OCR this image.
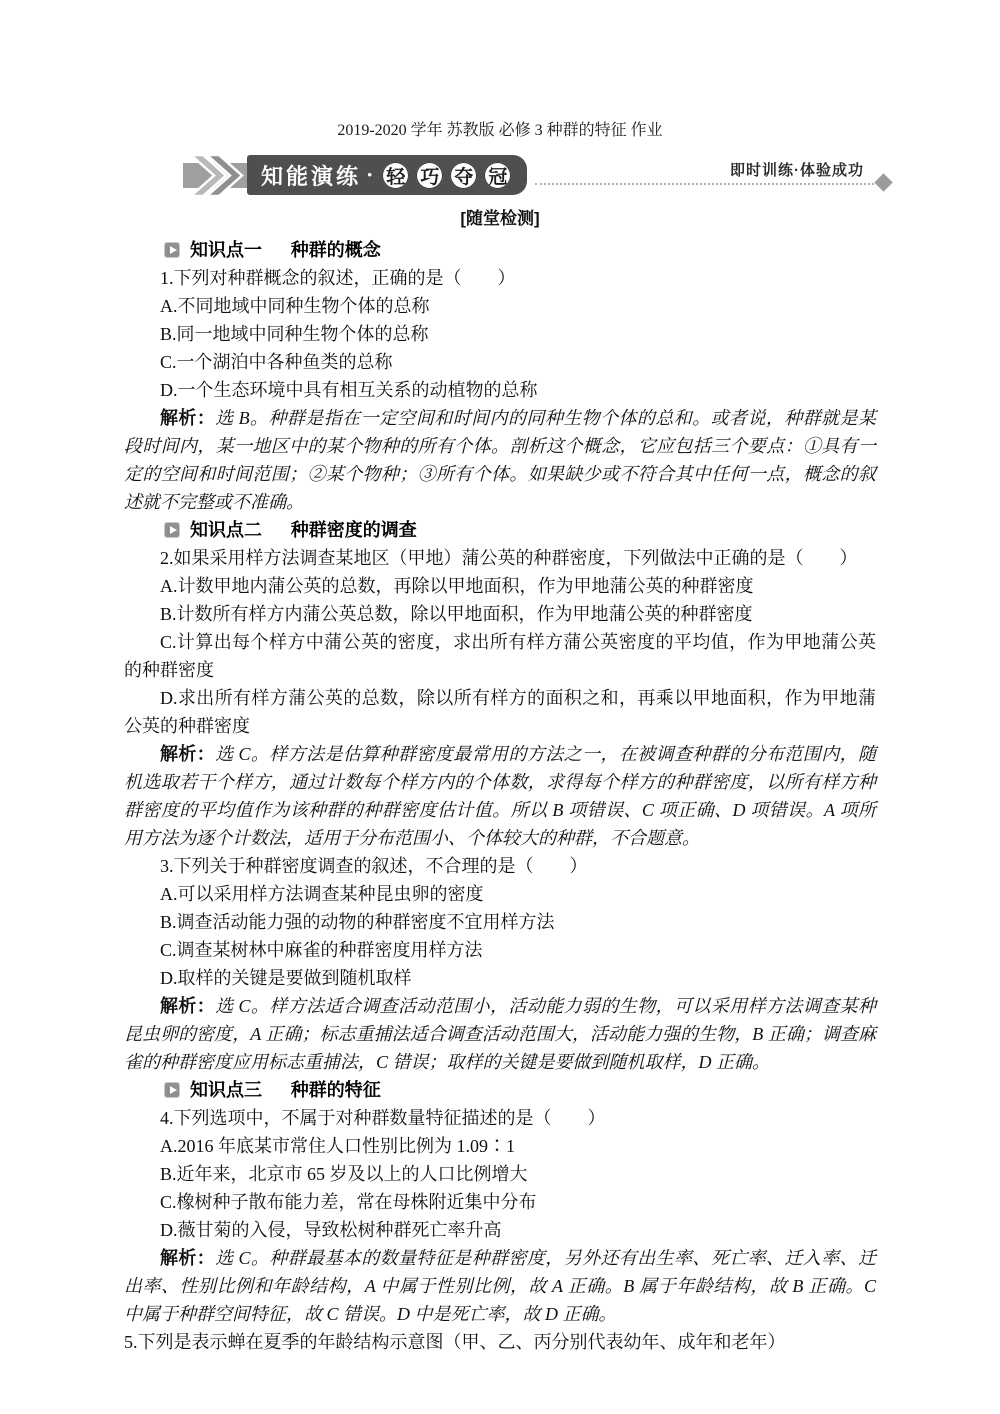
2019-2020 学年 苏教版 必修 3 种群的特征 作业
知能演练 · 轻 巧 夺 冠	即时训练·体验成功
[随堂检测]
知识点一 种群的概念

1.下列对种群概念的叙述，正确的是（　　）

A.不同地域中同种生物个体的总称

B.同一地域中同种生物个体的总称

C.一个湖泊中各种鱼类的总称

D.一个生态环境中具有相互关系的动植物的总称

解析：选 B。种群是指在一定空间和时间内的同种生物个体的总和。或者说，种群就是某段时间内，某一地区中的某个物种的所有个体。剖析这个概念，它应包括三个要点：①具有一定的空间和时间范围；②某个物种；③所有个体。如果缺少或不符合其中任何一点，概念的叙述就不完整或不准确。

知识点二 种群密度的调查

2.如果采用样方法调查某地区（甲地）蒲公英的种群密度，下列做法中正确的是（　　）

A.计数甲地内蒲公英的总数，再除以甲地面积，作为甲地蒲公英的种群密度

B.计数所有样方内蒲公英总数，除以甲地面积，作为甲地蒲公英的种群密度

C.计算出每个样方中蒲公英的密度，求出所有样方蒲公英密度的平均值，作为甲地蒲公英的种群密度

D.求出所有样方蒲公英的总数，除以所有样方的面积之和，再乘以甲地面积，作为甲地蒲公英的种群密度

解析：选 C。样方法是估算种群密度最常用的方法之一，在被调查种群的分布范围内，随机选取若干个样方，通过计数每个样方内的个体数，求得每个样方的种群密度，以所有样方种群密度的平均值作为该种群的种群密度估计值。所以 B 项错误、C 项正确、D 项错误。A 项所用方法为逐个计数法，适用于分布范围小、个体较大的种群，不合题意。

3.下列关于种群密度调查的叙述，不合理的是（　　）

A.可以采用样方法调查某种昆虫卵的密度

B.调查活动能力强的动物的种群密度不宜用样方法

C.调查某树林中麻雀的种群密度用样方法

D.取样的关键是要做到随机取样

解析：选 C。样方法适合调查活动范围小，活动能力弱的生物，可以采用样方法调查某种昆虫卵的密度，A 正确；标志重捕法适合调查活动范围大，活动能力强的生物，B 正确；调查麻雀的种群密度应用标志重捕法，C 错误；取样的关键是要做到随机取样，D 正确。

知识点三 种群的特征

4.下列选项中，不属于对种群数量特征描述的是（　　）

A.2016 年底某市常住人口性别比例为 1.09∶1

B.近年来，北京市 65 岁及以上的人口比例增大

C.橡树种子散布能力差，常在母株附近集中分布

D.薇甘菊的入侵，导致松树种群死亡率升高

解析：选 C。种群最基本的数量特征是种群密度，另外还有出生率、死亡率、迁入率、迁出率、性别比例和年龄结构，A 中属于性别比例，故 A 正确。B 属于年龄结构，故 B 正确。C 中属于种群空间特征，故 C 错误。D 中是死亡率，故 D 正确。

5.下列是表示蝉在夏季的年龄结构示意图（甲、乙、丙分别代表幼年、成年和老年）
